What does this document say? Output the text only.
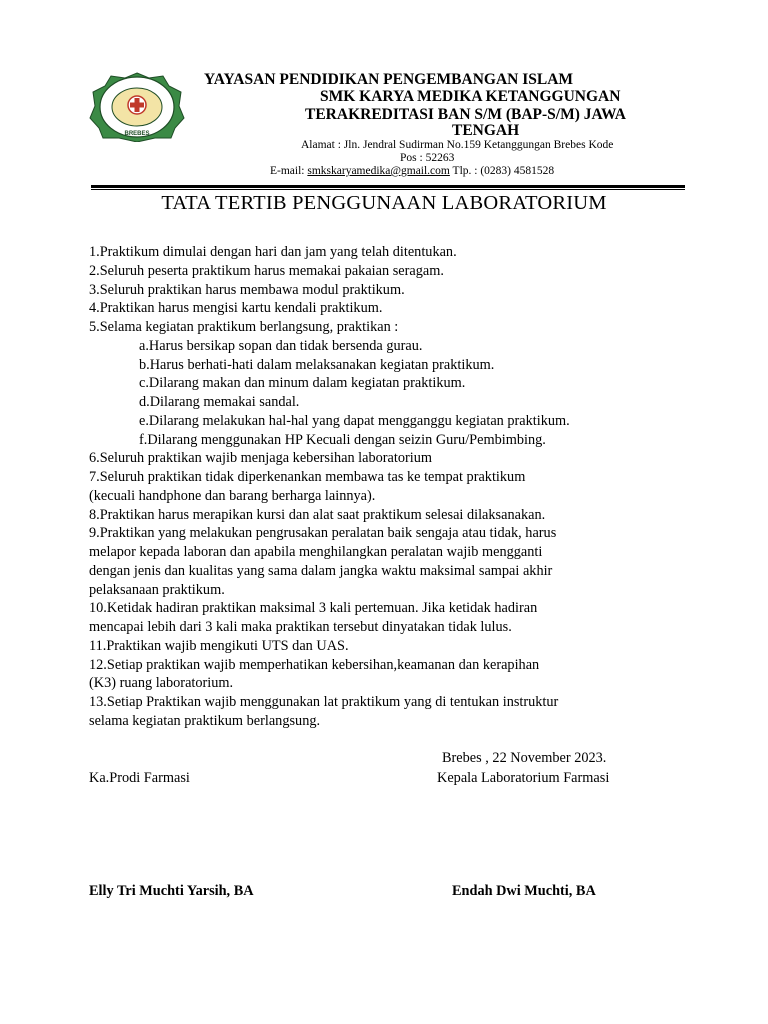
BREBES
YAYASAN PENDIDIKAN PENGEMBANGAN ISLAM
SMK KARYA MEDIKA KETANGGUNGAN
TERAKREDITASI BAN S/M (BAP-S/M) JAWA
TENGAH
Alamat : Jln. Jendral Sudirman No.159 Ketanggungan Brebes Kode
Pos : 52263
E-mail: smkskaryamedika@gmail.com Tlp. : (0283) 4581528
TATA TERTIB PENGGUNAAN LABORATORIUM
1.Praktikum dimulai dengan hari dan jam yang telah ditentukan.
2.Seluruh peserta praktikum harus memakai pakaian seragam.
3.Seluruh praktikan harus membawa modul praktikum.
4.Praktikan harus mengisi kartu kendali praktikum.
5.Selama kegiatan praktikum berlangsung, praktikan :
a.Harus bersikap sopan dan tidak bersenda gurau.
b.Harus berhati-hati dalam melaksanakan kegiatan praktikum.
c.Dilarang makan dan minum dalam kegiatan praktikum.
d.Dilarang memakai sandal.
e.Dilarang melakukan hal-hal yang dapat mengganggu kegiatan praktikum.
f.Dilarang menggunakan HP Kecuali dengan seizin Guru/Pembimbing.
6.Seluruh praktikan wajib menjaga kebersihan laboratorium
7.Seluruh praktikan tidak diperkenankan membawa tas ke tempat praktikum
(kecuali handphone dan barang berharga lainnya).
8.Praktikan harus merapikan kursi dan alat saat praktikum selesai dilaksanakan.
9.Praktikan yang melakukan pengrusakan peralatan baik sengaja atau tidak, harus
melapor kepada laboran dan apabila menghilangkan peralatan wajib mengganti
dengan jenis dan kualitas yang sama dalam jangka waktu maksimal sampai akhir
pelaksanaan praktikum.
10.Ketidak hadiran praktikan maksimal 3 kali pertemuan. Jika ketidak hadiran
mencapai lebih dari 3 kali maka praktikan tersebut dinyatakan tidak lulus.
11.Praktikan wajib mengikuti UTS dan UAS.
12.Setiap praktikan wajib memperhatikan kebersihan,keamanan dan kerapihan
(K3) ruang laboratorium.
13.Setiap Praktikan wajib menggunakan lat praktikum yang di tentukan instruktur
selama kegiatan praktikum berlangsung.
Brebes , 22 November 2023.
Ka.Prodi Farmasi	Kepala Laboratorium Farmasi
Elly Tri Muchti Yarsih, BA	Endah Dwi Muchti, BA
